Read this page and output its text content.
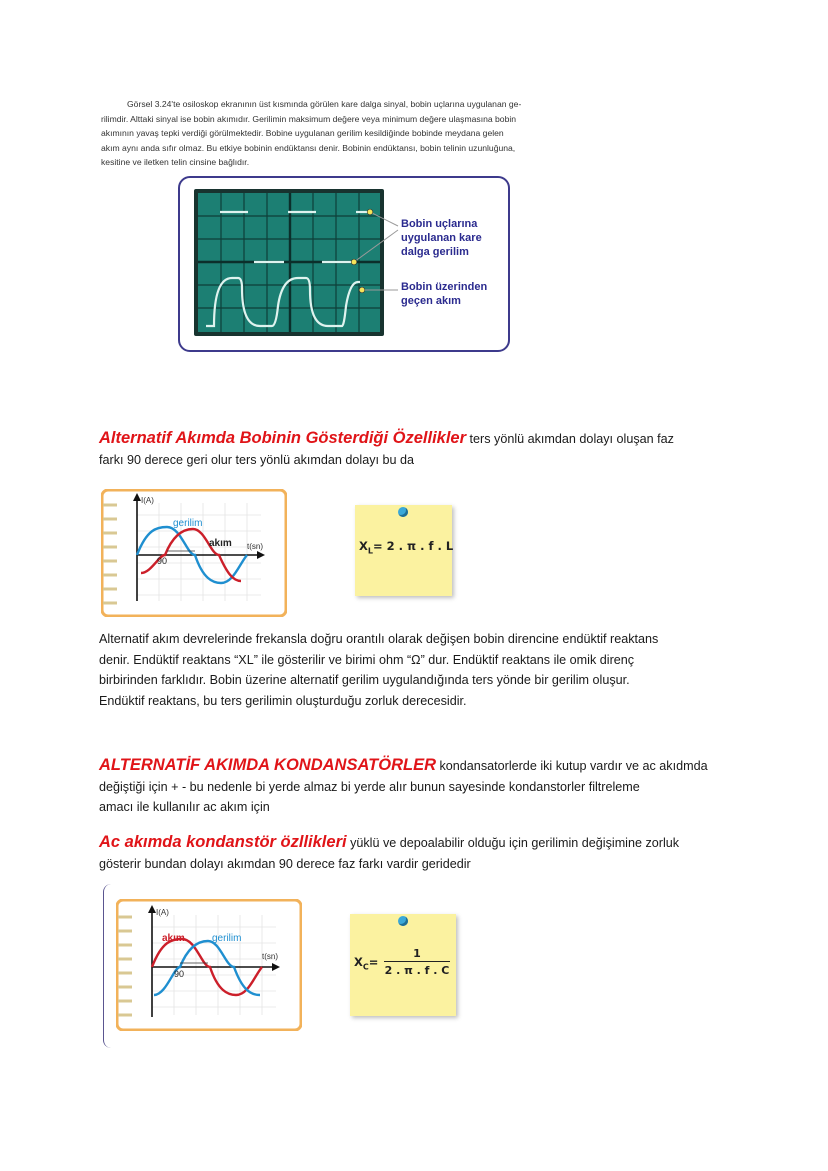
Görsel 3.24'te osiloskop ekranının üst kısmında görülen kare dalga sinyal, bobin uçlarına uygulanan ge-
rilimdir. Alttaki sinyal ise bobin akımıdır. Gerilimin maksimum değere veya minimum değere ulaşmasına bobin
akımının yavaş tepki verdiği görülmektedir. Bobine uygulanan gerilim kesildiğinde bobinde meydana gelen
akım aynı anda sıfır olmaz. Bu etkiye bobinin endüktansı denir. Bobinin endüktansı, bobin telinin uzunluğuna,
kesitine ve iletken telin cinsine bağlıdır.
Bobin uçlarına
uygulanan kare
dalga gerilim
Bobin üzerinden
geçen akım
Alternatif Akımda Bobinin Gösterdiği Özellikler ters yönlü akımdan dolayı oluşan faz
farkı 90 derece geri olur ters yönlü akımdan dolayı bu da
I(A)
t(sn)
gerilim
akım
90
$X_L= 2$ . π . f . L
Alternatif akım devrelerinde frekansla doğru orantılı olarak değişen bobin direncine endüktif reaktans
denir. Endüktif reaktans “XL” ile gösterilir ve birimi ohm “Ω” dur. Endüktif reaktans ile omik direnç
birbirinden farklıdır. Bobin üzerine alternatif gerilim uygulandığında ters yönde bir gerilim oluşur.
Endüktif reaktans, bu ters gerilimin oluşturduğu zorluk derecesidir.
ALTERNATİF AKIMDA KONDANSATÖRLER kondansatorlerde iki kutup vardır ve ac akıdmda
değiştiği için + - bu nedenle bi yerde almaz bi yerde alır bunun sayesinde kondanstorler filtreleme
amacı ile kullanılır ac akım için
Ac akımda kondanstör özllikleri yüklü ve depoalabilir olduğu için gerilimin değişimine zorluk
gösterir bundan dolayı akımdan 90 derece faz farkı vardir geridedir
I(A)
t(sn)
akım	gerilim
90
$X_C= \frac{1}{2 . \pi . f . C}$
